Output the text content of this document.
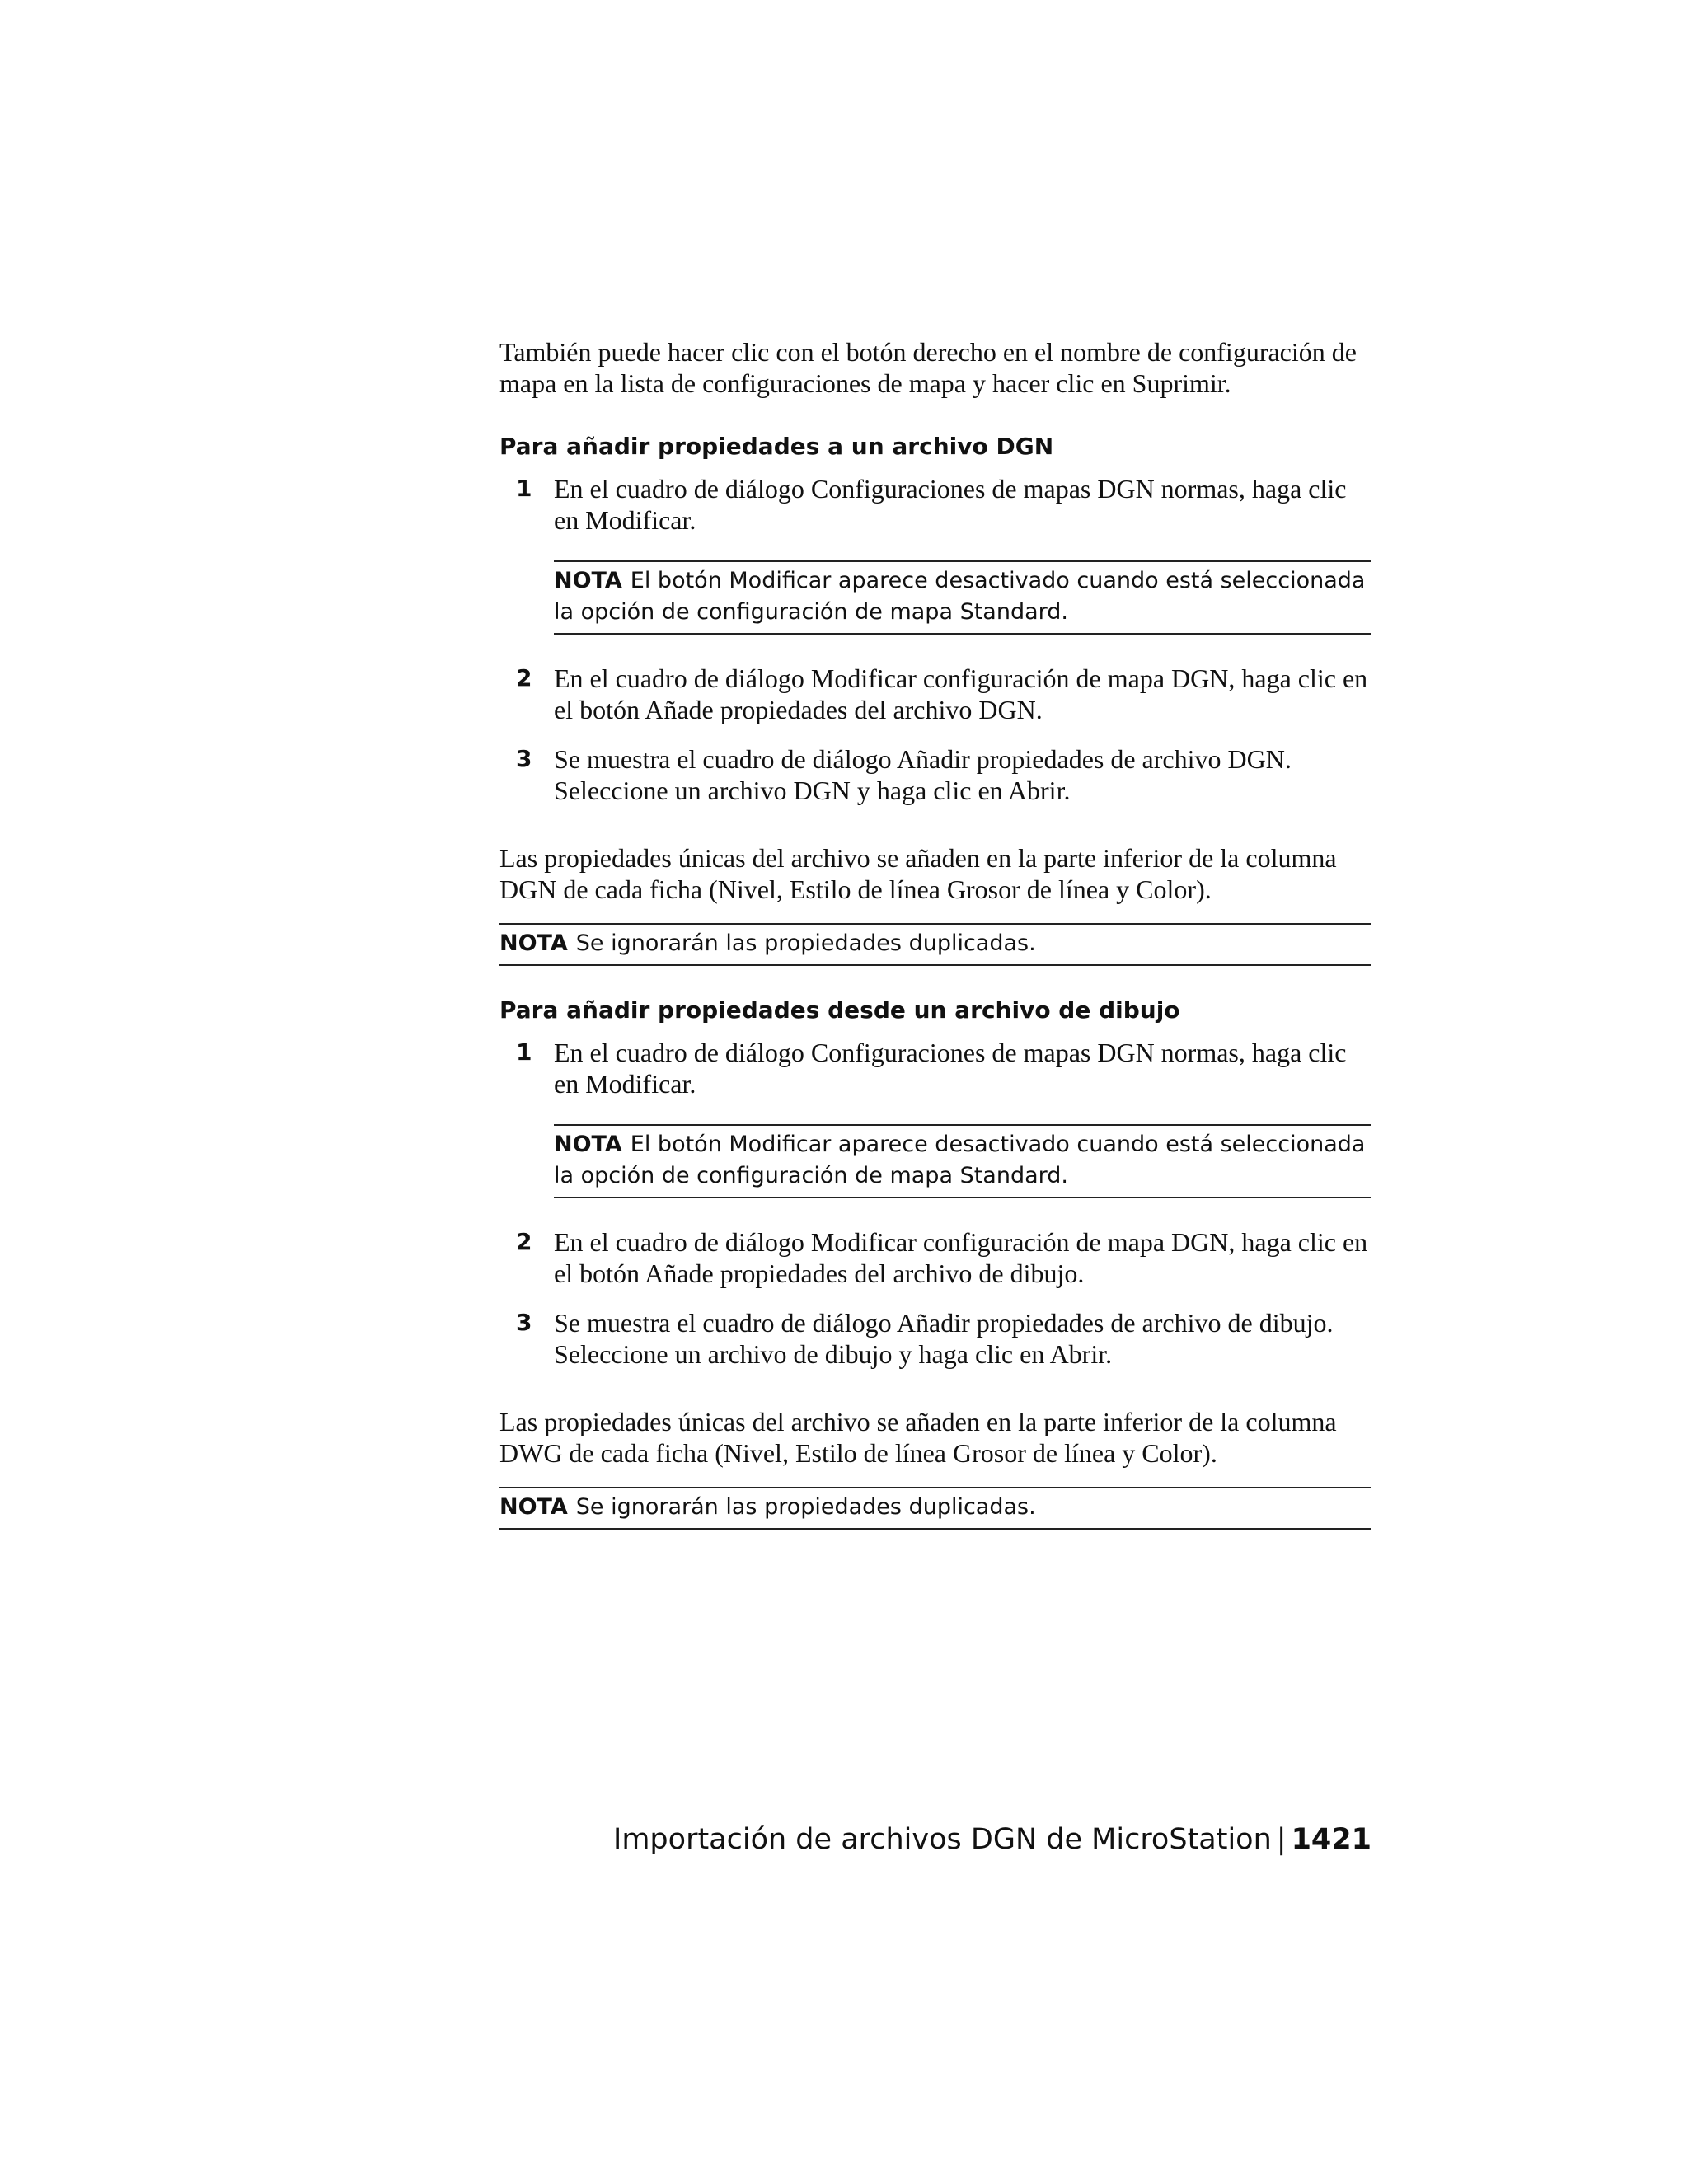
También puede hacer clic con el botón derecho en el nombre de configuración de mapa en la lista de configuraciones de mapa y hacer clic en Suprimir.

Para añadir propiedades a un archivo DGN
1 En el cuadro de diálogo Configuraciones de mapas DGN normas, haga clic en Modificar.
NOTA El botón Modificar aparece desactivado cuando está seleccionada la opción de configuración de mapa Standard.
2 En el cuadro de diálogo Modificar configuración de mapa DGN, haga clic en el botón Añade propiedades del archivo DGN.
3 Se muestra el cuadro de diálogo Añadir propiedades de archivo DGN. Seleccione un archivo DGN y haga clic en Abrir.

Las propiedades únicas del archivo se añaden en la parte inferior de la columna DGN de cada ficha (Nivel, Estilo de línea Grosor de línea y Color).

NOTA Se ignorarán las propiedades duplicadas.
Para añadir propiedades desde un archivo de dibujo
1 En el cuadro de diálogo Configuraciones de mapas DGN normas, haga clic en Modificar.
NOTA El botón Modificar aparece desactivado cuando está seleccionada la opción de configuración de mapa Standard.
2 En el cuadro de diálogo Modificar configuración de mapa DGN, haga clic en el botón Añade propiedades del archivo de dibujo.
3 Se muestra el cuadro de diálogo Añadir propiedades de archivo de dibujo. Seleccione un archivo de dibujo y haga clic en Abrir.

Las propiedades únicas del archivo se añaden en la parte inferior de la columna DWG de cada ficha (Nivel, Estilo de línea Grosor de línea y Color).

NOTA Se ignorarán las propiedades duplicadas.
Importación de archivos DGN de MicroStation | 1421
